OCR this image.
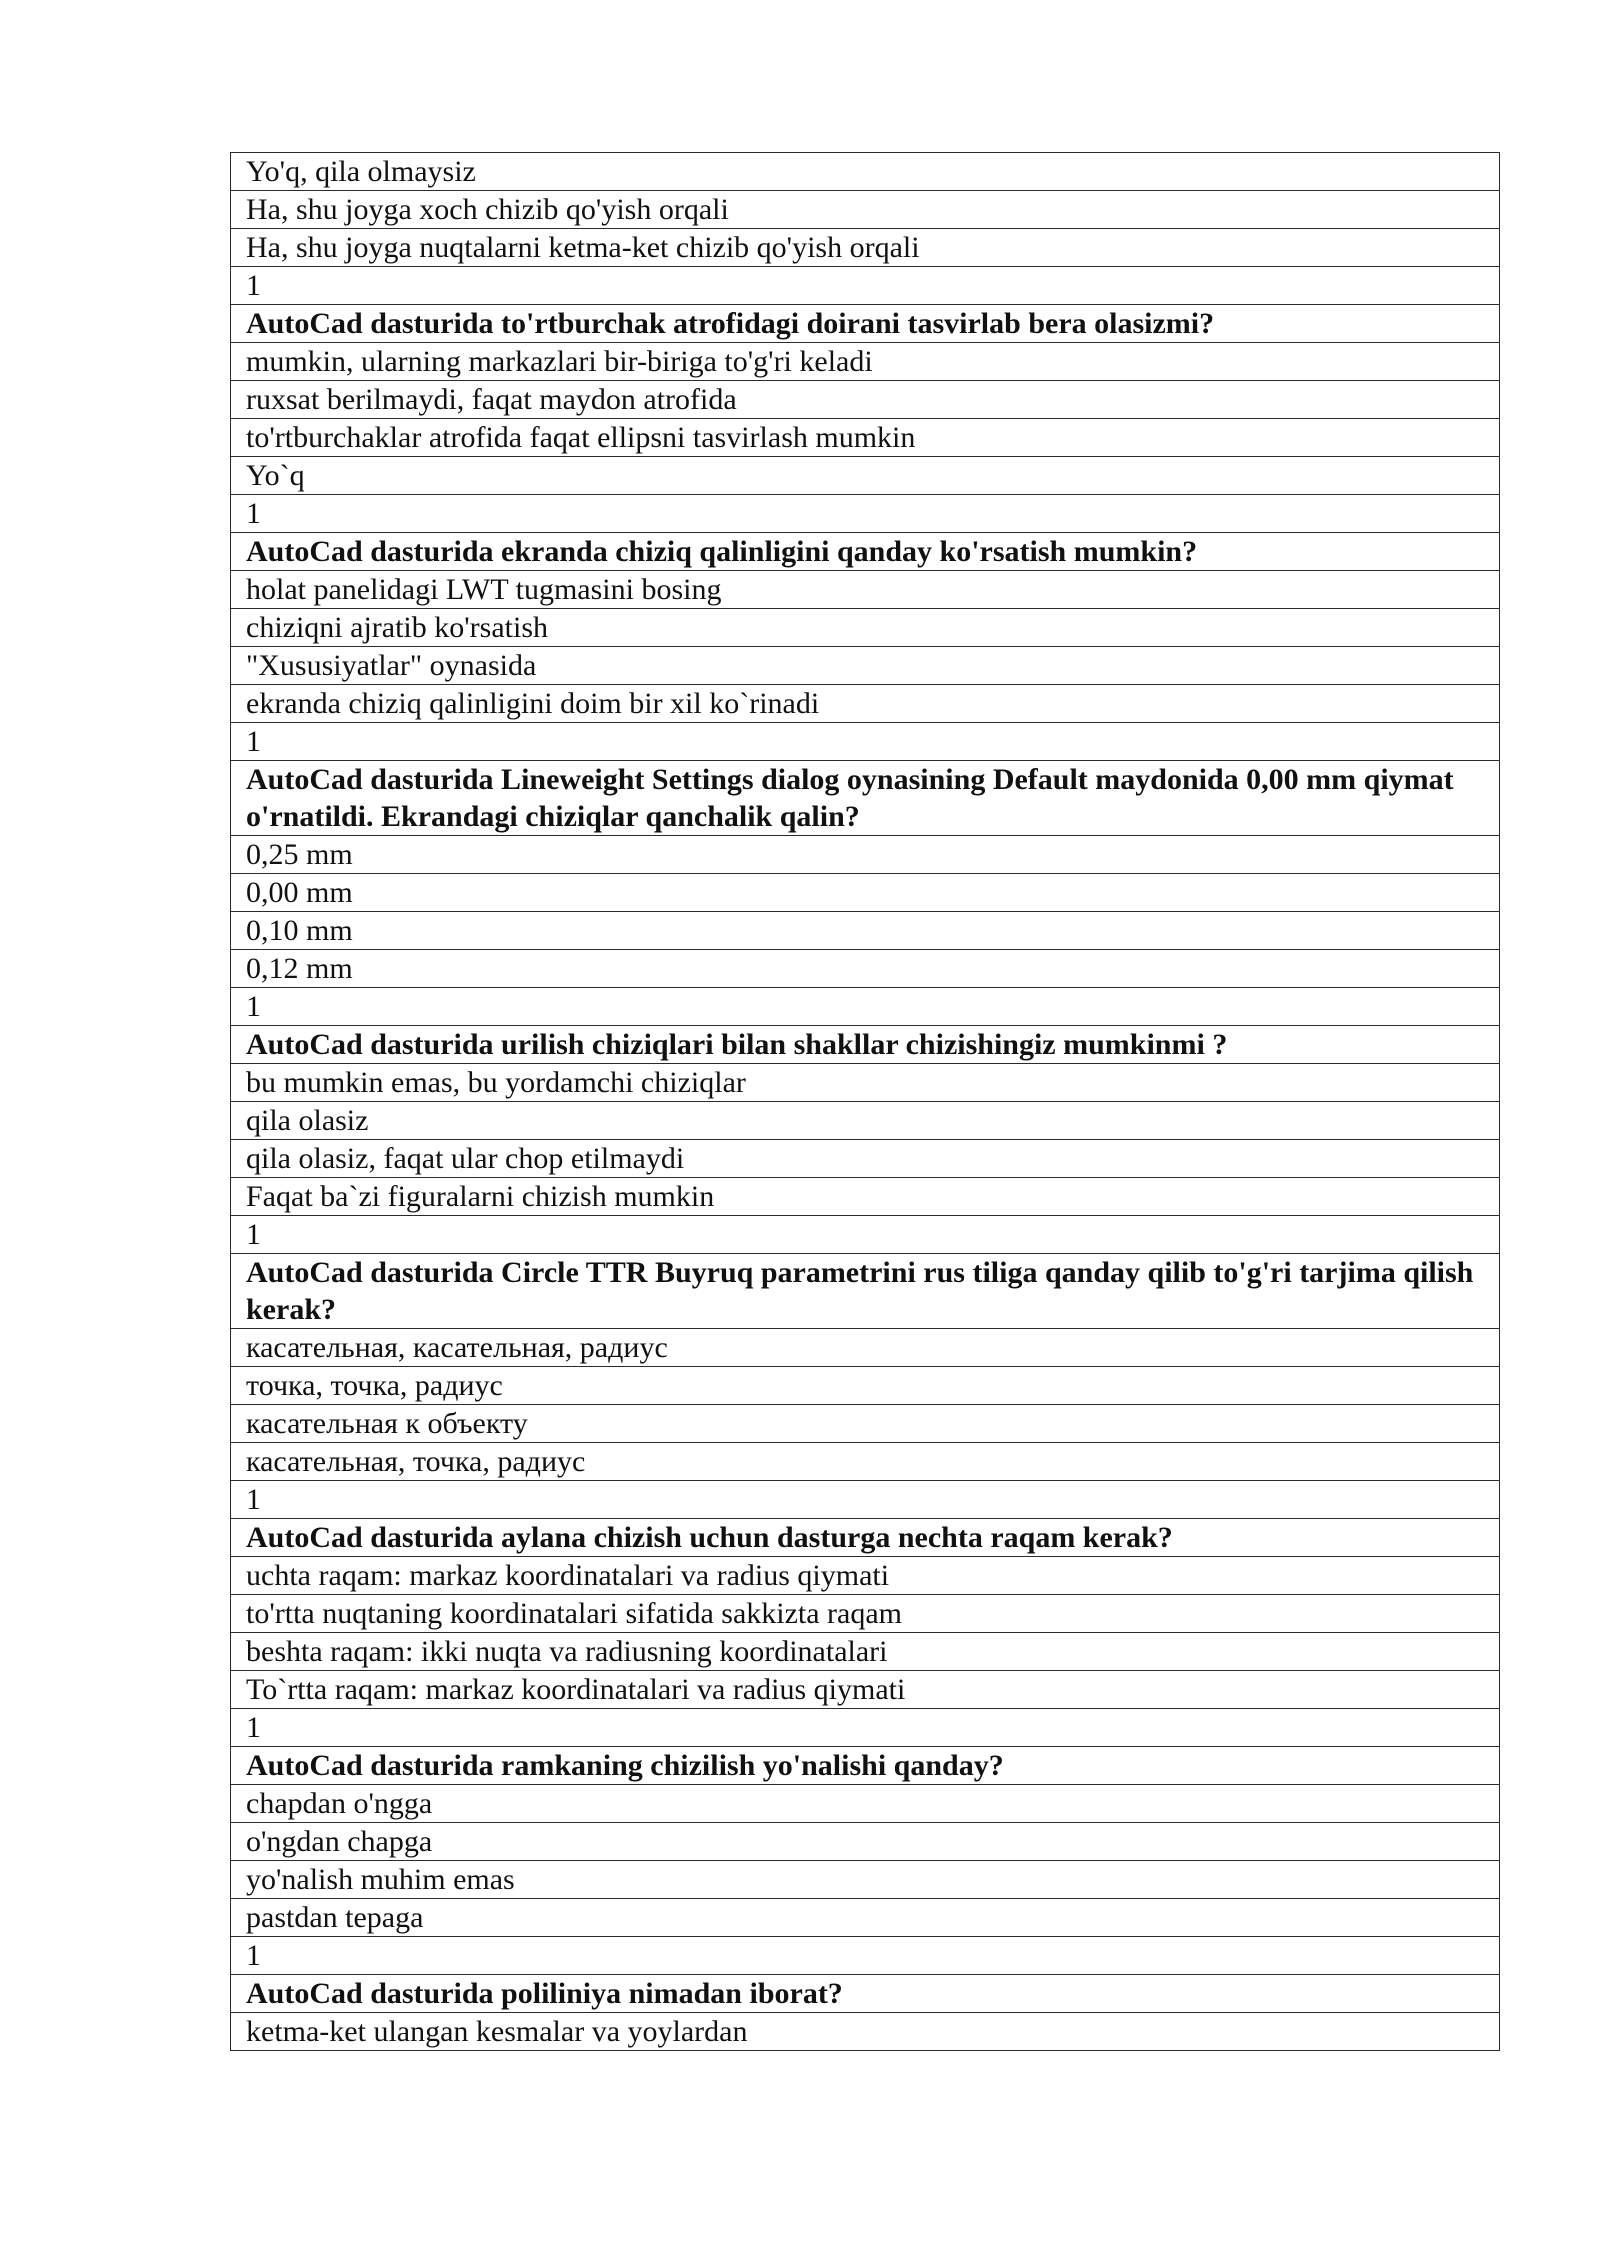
Yo'q, qila olmaysiz
Ha, shu joyga xoch chizib qo'yish orqali
Ha, shu joyga nuqtalarni ketma-ket chizib qo'yish orqali
1
AutoCad dasturida to'rtburchak atrofidagi doirani tasvirlab bera olasizmi?
mumkin, ularning markazlari bir-biriga to'g'ri keladi
ruxsat berilmaydi, faqat maydon atrofida
to'rtburchaklar atrofida faqat ellipsni tasvirlash mumkin
Yo`q
1
AutoCad dasturida ekranda chiziq qalinligini qanday ko'rsatish mumkin?
holat panelidagi LWT tugmasini bosing
chiziqni ajratib ko'rsatish
"Xususiyatlar" oynasida
ekranda chiziq qalinligini doim bir xil ko`rinadi
1
AutoCad dasturida Lineweight Settings dialog oynasining Default maydonida 0,00 mm qiymat o'rnatildi. Ekrandagi chiziqlar qanchalik qalin?
0,25 mm
0,00 mm
0,10 mm
0,12 mm
1
AutoCad dasturida urilish chiziqlari bilan shakllar chizishingiz mumkinmi ?
bu mumkin emas, bu yordamchi chiziqlar
qila olasiz
qila olasiz, faqat ular chop etilmaydi
Faqat ba`zi figuralarni chizish mumkin
1
AutoCad dasturida Circle TTR Buyruq parametrini rus tiliga qanday qilib to'g'ri tarjima qilish kerak?
касательная, касательная, радиус
точка, точка, радиус
касательная к объекту
касательная, точка, радиус
1
AutoCad dasturida aylana chizish uchun dasturga nechta raqam kerak?
uchta raqam: markaz koordinatalari va radius qiymati
to'rtta nuqtaning koordinatalari sifatida sakkizta raqam
beshta raqam: ikki nuqta va radiusning koordinatalari
To`rtta raqam: markaz koordinatalari va radius qiymati
1
AutoCad dasturida ramkaning chizilish yo'nalishi qanday?
chapdan o'ngga
o'ngdan chapga
yo'nalish muhim emas
pastdan tepaga
1
AutoCad dasturida poliliniya nimadan iborat?
ketma-ket ulangan kesmalar va yoylardan
